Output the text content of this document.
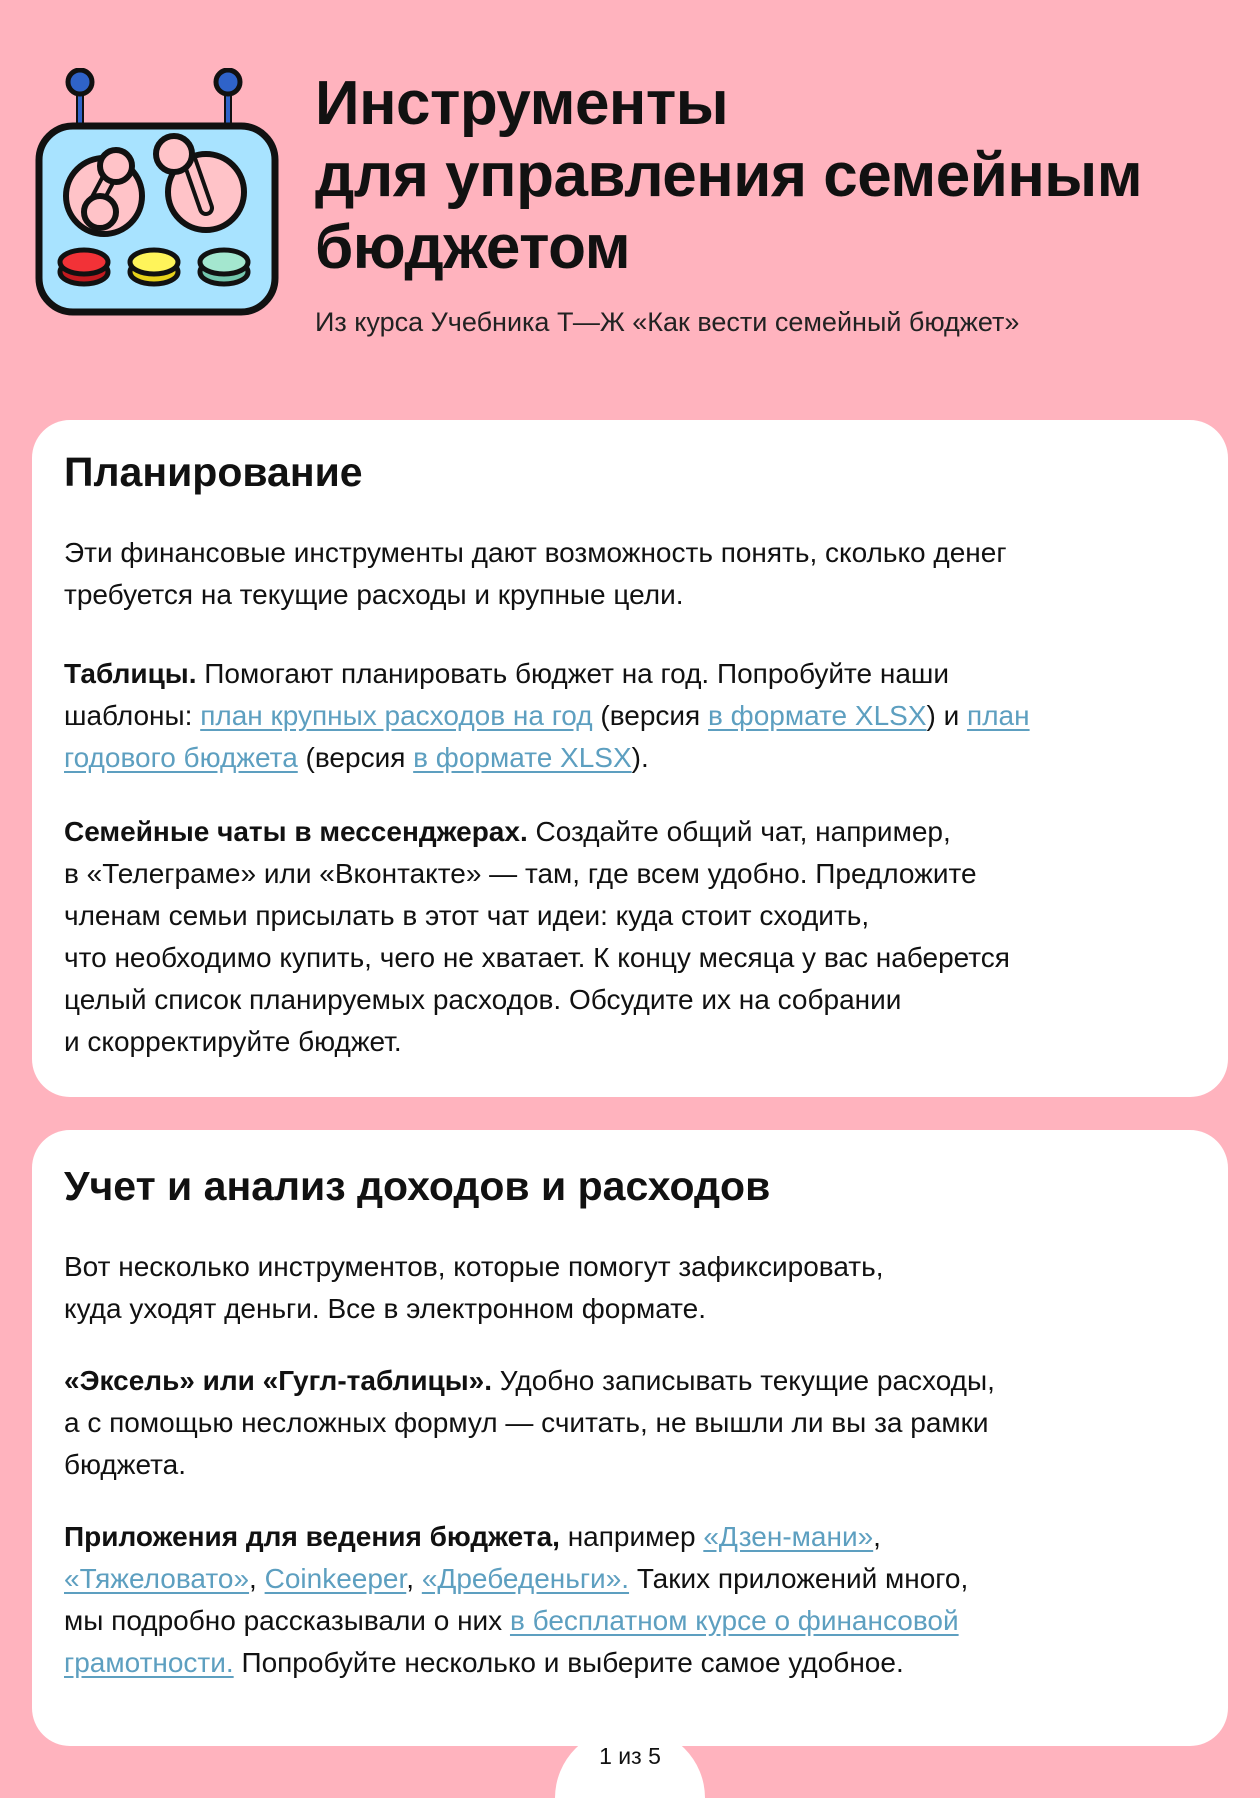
Инструменты
для управления семейным
бюджетом
Из курса Учебника Т—Ж «Как вести семейный бюджет»
Планирование

Эти финансовые инструменты дают возможность понять, сколько денег
требуется на текущие расходы и крупные цели.

Таблицы. Помогают планировать бюджет на год. Попробуйте наши
шаблоны: план крупных расходов на год (версия в формате XLSX) и план
годового бюджета (версия в формате XLSX).

Семейные чаты в мессенджерах. Создайте общий чат, например,
в «Телеграме» или «Вконтакте» — там, где всем удобно. Предложите
членам семьи присылать в этот чат идеи: куда стоит сходить,
что необходимо купить, чего не хватает. К концу месяца у вас наберется
целый список планируемых расходов. Обсудите их на собрании
и скорректируйте бюджет.

Учет и анализ доходов и расходов

Вот несколько инструментов, которые помогут зафиксировать,
куда уходят деньги. Все в электронном формате.

«Эксель» или «Гугл-таблицы». Удобно записывать текущие расходы,
а с помощью несложных формул — считать, не вышли ли вы за рамки
бюджета.

Приложения для ведения бюджета, например «Дзен-мани»,
«Тяжеловато», Coinkeeper, «Дребеденьги». Таких приложений много,
мы подробно рассказывали о них в бесплатном курсе о финансовой
грамотности. Попробуйте несколько и выберите самое удобное.

1 из 5
